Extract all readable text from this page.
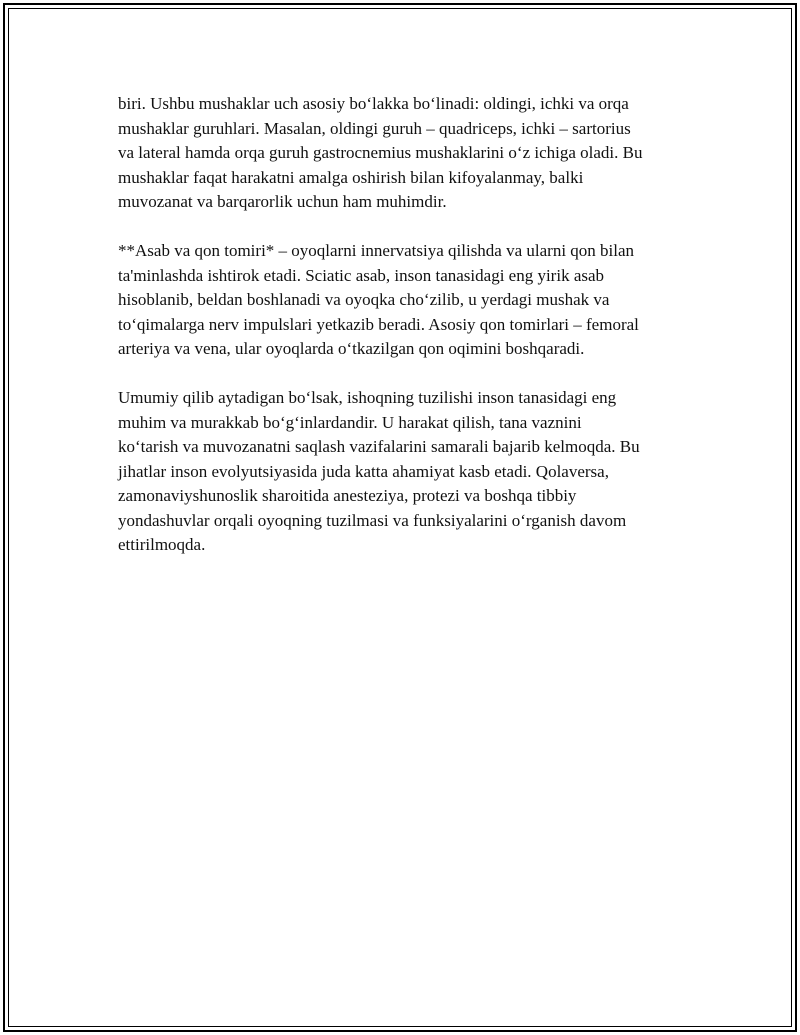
biri. Ushbu mushaklar uch asosiy bo‘lakka bo‘linadi: oldingi, ichki va orqa
mushaklar guruhlari. Masalan, oldingi guruh – quadriceps, ichki – sartorius
va lateral hamda orqa guruh gastrocnemius mushaklarini o‘z ichiga oladi. Bu
mushaklar faqat harakatni amalga oshirish bilan kifoyalanmay, balki
muvozanat va barqarorlik uchun ham muhimdir.

**Asab va qon tomiri* – oyoqlarni innervatsiya qilishda va ularni qon bilan
ta'minlashda ishtirok etadi. Sciatic asab, inson tanasidagi eng yirik asab
hisoblanib, beldan boshlanadi va oyoqka cho‘zilib, u yerdagi mushak va
to‘qimalarga nerv impulslari yetkazib beradi. Asosiy qon tomirlari – femoral
arteriya va vena, ular oyoqlarda o‘tkazilgan qon oqimini boshqaradi.

Umumiy qilib aytadigan bo‘lsak, ishoqning tuzilishi inson tanasidagi eng
muhim va murakkab bo‘g‘inlardandir. U harakat qilish, tana vaznini
ko‘tarish va muvozanatni saqlash vazifalarini samarali bajarib kelmoqda. Bu
jihatlar inson evolyutsiyasida juda katta ahamiyat kasb etadi. Qolaversa,
zamonaviyshunoslik sharoitida anesteziya, protezi va boshqa tibbiy
yondashuvlar orqali oyoqning tuzilmasi va funksiyalarini o‘rganish davom
ettirilmoqda.
